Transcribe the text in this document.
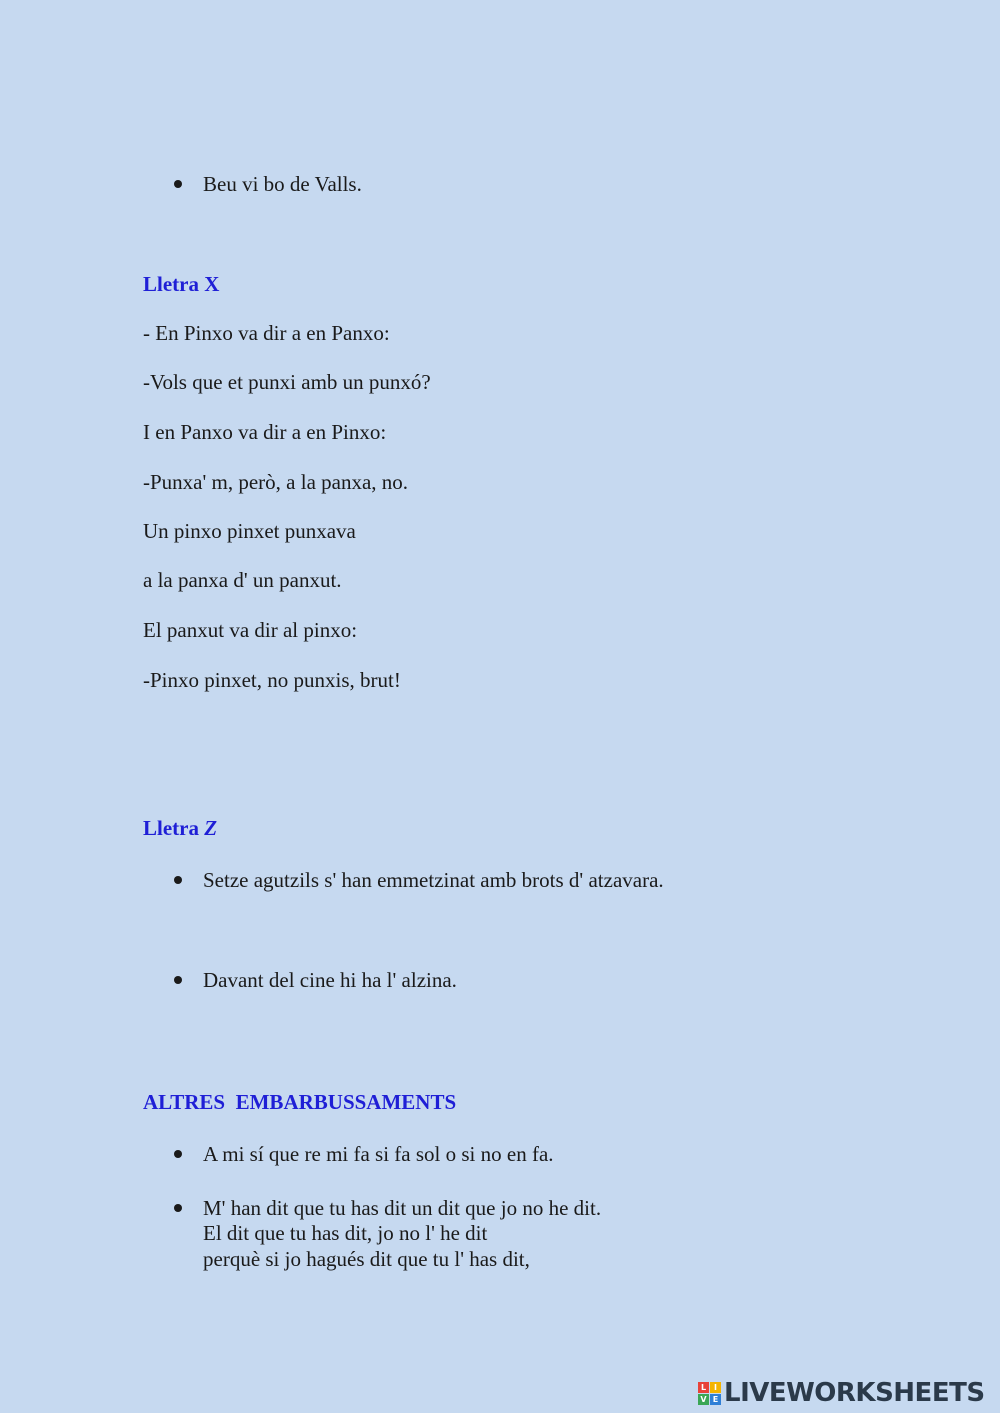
Beu vi bo de Valls.
Lletra X
- En Pinxo va dir a en Panxo:
-Vols que et punxi amb un punxó?
I en Panxo va dir a en Pinxo:
-Punxa' m, però, a la panxa, no.
Un pinxo pinxet punxava
a la panxa d' un panxut.
El panxut va dir al pinxo:
-Pinxo pinxet, no punxis, brut!
Lletra Z
Setze agutzils s' han emmetzinat amb brots d' atzavara.
Davant del cine hi ha l' alzina.
ALTRES  EMBARBUSSAMENTS
A mi sí que re mi fa si fa sol o si no en fa.
M' han dit que tu has dit un dit que jo no he dit.
El dit que tu has dit, jo no l' he dit
perquè si jo hagués dit que tu l' has dit,
L I
V E LIVEWORKSHEETS
